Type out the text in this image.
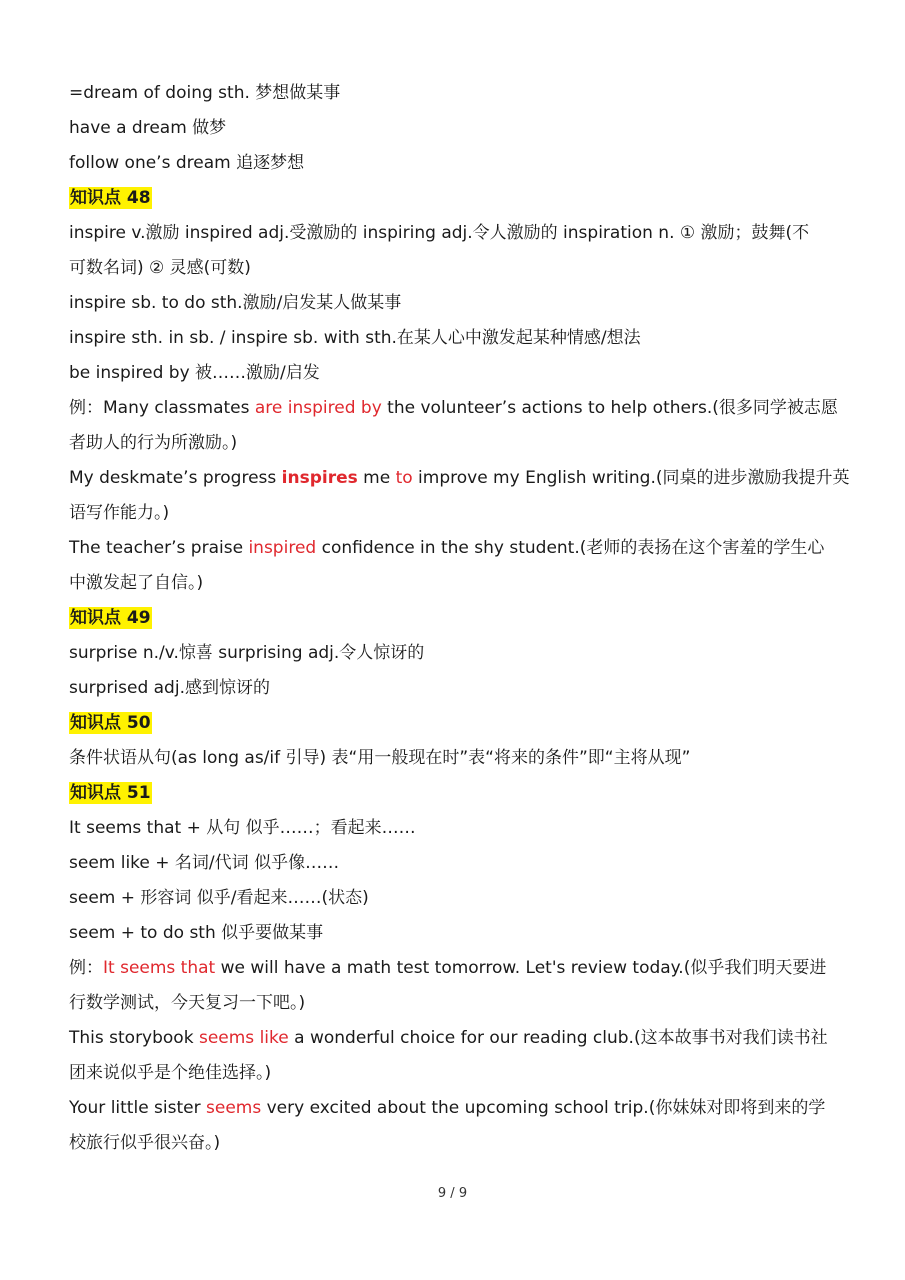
=dream of doing sth. 梦想做某事
have a dream 做梦
follow one’s dream 追逐梦想
知识点 48
inspire v.激励 inspired adj.受激励的 inspiring adj.令人激励的 inspiration n. ① 激励；鼓舞(不
可数名词) ② 灵感(可数)
inspire sb. to do sth.激励/启发某人做某事
inspire sth. in sb. / inspire sb. with sth.在某人心中激发起某种情感/想法
be inspired by 被……激励/启发
例：Many classmates are inspired by the volunteer’s actions to help others.(很多同学被志愿
者助人的行为所激励。)
My deskmate’s progress inspires me to improve my English writing.(同桌的进步激励我提升英
语写作能力。)
The teacher’s praise inspired confidence in the shy student.(老师的表扬在这个害羞的学生心
中激发起了自信。)
知识点 49
surprise n./v.惊喜 surprising adj.令人惊讶的
surprised adj.感到惊讶的
知识点 50
条件状语从句(as long as/if 引导) 表“用一般现在时”表“将来的条件”即“主将从现”
知识点 51
It seems that + 从句 似乎……；看起来……
seem like + 名词/代词 似乎像……
seem + 形容词 似乎/看起来……(状态)
seem + to do sth 似乎要做某事
例：It seems that we will have a math test tomorrow. Let's review today.(似乎我们明天要进
行数学测试，今天复习一下吧。)
This storybook seems like a wonderful choice for our reading club.(这本故事书对我们读书社
团来说似乎是个绝佳选择。)
Your little sister seems very excited about the upcoming school trip.(你妹妹对即将到来的学
校旅行似乎很兴奋。)
9 / 9
